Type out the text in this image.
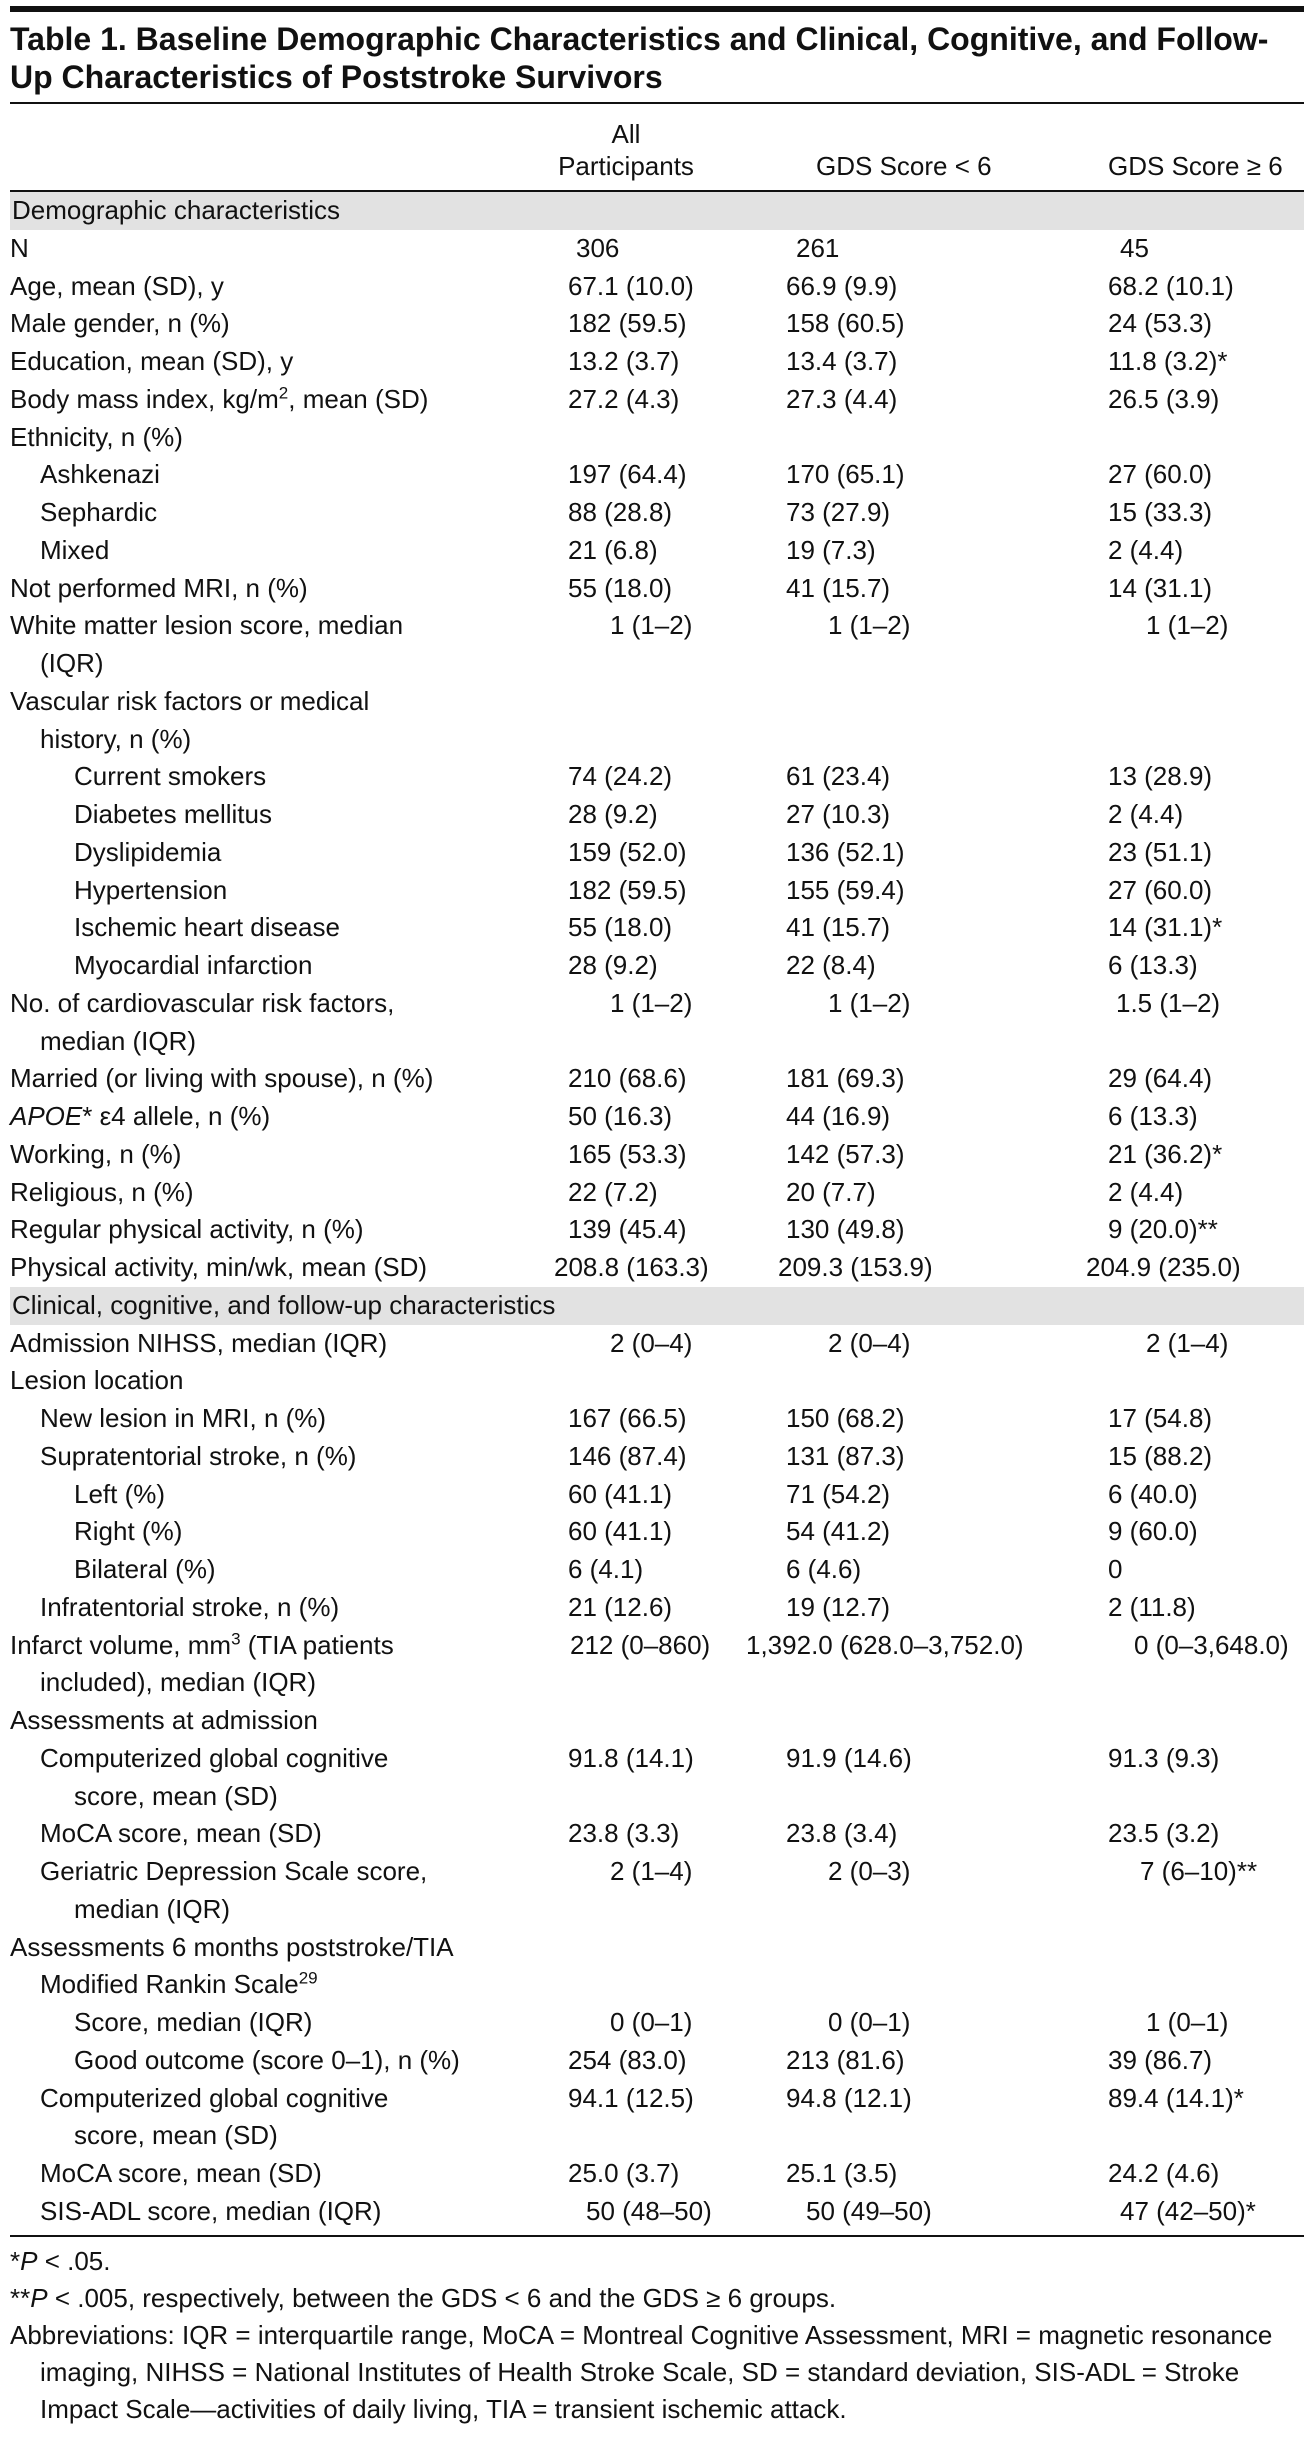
Table 1. Baseline Demographic Characteristics and Clinical, Cognitive, and Follow-Up Characteristics of Poststroke Survivors
All
Participants	GDS Score < 6	GDS Score ≥ 6
Demographic characteristics
N	306	261	45
Age, mean (SD), y	67.1 (10.0)	66.9 (9.9)	68.2 (10.1)
Male gender, n (%)	182 (59.5)	158 (60.5)	24 (53.3)
Education, mean (SD), y	13.2 (3.7)	13.4 (3.7)	11.8 (3.2)*
Body mass index, $kg/m^2$, mean (SD)	27.2 (4.3)	27.3 (4.4)	26.5 (3.9)
Ethnicity, n (%)
Ashkenazi	197 (64.4)	170 (65.1)	27 (60.0)
Sephardic	88 (28.8)	73 (27.9)	15 (33.3)
Mixed	21 (6.8)	19 (7.3)	2 (4.4)
Not performed MRI, n (%)	55 (18.0)	41 (15.7)	14 (31.1)
White matter lesion score, median	1 (1–2)	1 (1–2)	1 (1–2)
(IQR)
Vascular risk factors or medical
history, n (%)
Current smokers	74 (24.2)	61 (23.4)	13 (28.9)
Diabetes mellitus	28 (9.2)	27 (10.3)	2 (4.4)
Dyslipidemia	159 (52.0)	136 (52.1)	23 (51.1)
Hypertension	182 (59.5)	155 (59.4)	27 (60.0)
Ischemic heart disease	55 (18.0)	41 (15.7)	14 (31.1)*
Myocardial infarction	28 (9.2)	22 (8.4)	6 (13.3)
No. of cardiovascular risk factors,	1 (1–2)	1 (1–2)	1.5 (1–2)
median (IQR)
Married (or living with spouse), n (%)	210 (68.6)	181 (69.3)	29 (64.4)
APOE* ε4 allele, n (%)	50 (16.3)	44 (16.9)	6 (13.3)
Working, n (%)	165 (53.3)	142 (57.3)	21 (36.2)*
Religious, n (%)	22 (7.2)	20 (7.7)	2 (4.4)
Regular physical activity, n (%)	139 (45.4)	130 (49.8)	9 (20.0)**
Physical activity, min/wk, mean (SD)	208.8 (163.3)	209.3 (153.9)	204.9 (235.0)
Clinical, cognitive, and follow-up characteristics
Admission NIHSS, median (IQR)	2 (0–4)	2 (0–4)	2 (1–4)
Lesion location
New lesion in MRI, n (%)	167 (66.5)	150 (68.2)	17 (54.8)
Supratentorial stroke, n (%)	146 (87.4)	131 (87.3)	15 (88.2)
Left (%)	60 (41.1)	71 (54.2)	6 (40.0)
Right (%)	60 (41.1)	54 (41.2)	9 (60.0)
Bilateral (%)	6 (4.1)	6 (4.6)	0
Infratentorial stroke, n (%)	21 (12.6)	19 (12.7)	2 (11.8)
Infarct volume, $mm^3$ (TIA patients	212 (0–860) 1,392.0 (628.0–3,752.0)	0 (0–3,648.0)
included), median (IQR)
Assessments at admission
Computerized global cognitive	91.8 (14.1)	91.9 (14.6)	91.3 (9.3)
score, mean (SD)
MoCA score, mean (SD)	23.8 (3.3)	23.8 (3.4)	23.5 (3.2)
Geriatric Depression Scale score,	2 (1–4)	2 (0–3)	7 (6–10)**
median (IQR)
Assessments 6 months poststroke/TIA
Modified Rankin Scale$^{29}$
Score, median (IQR)	0 (0–1)	0 (0–1)	1 (0–1)
Good outcome (score 0–1), n (%)	254 (83.0)	213 (81.6)	39 (86.7)
Computerized global cognitive	94.1 (12.5)	94.8 (12.1)	89.4 (14.1)*
score, mean (SD)
MoCA score, mean (SD)	25.0 (3.7)	25.1 (3.5)	24.2 (4.6)
SIS-ADL score, median (IQR)	50 (48–50)	50 (49–50)	47 (42–50)*
*P < .05.
**P < .005, respectively, between the GDS < 6 and the GDS ≥ 6 groups.
Abbreviations: IQR = interquartile range, MoCA = Montreal Cognitive Assessment, MRI = magnetic resonance imaging, NIHSS = National Institutes of Health Stroke Scale, SD = standard deviation, SIS-ADL = Stroke Impact Scale—activities of daily living, TIA = transient ischemic attack.
